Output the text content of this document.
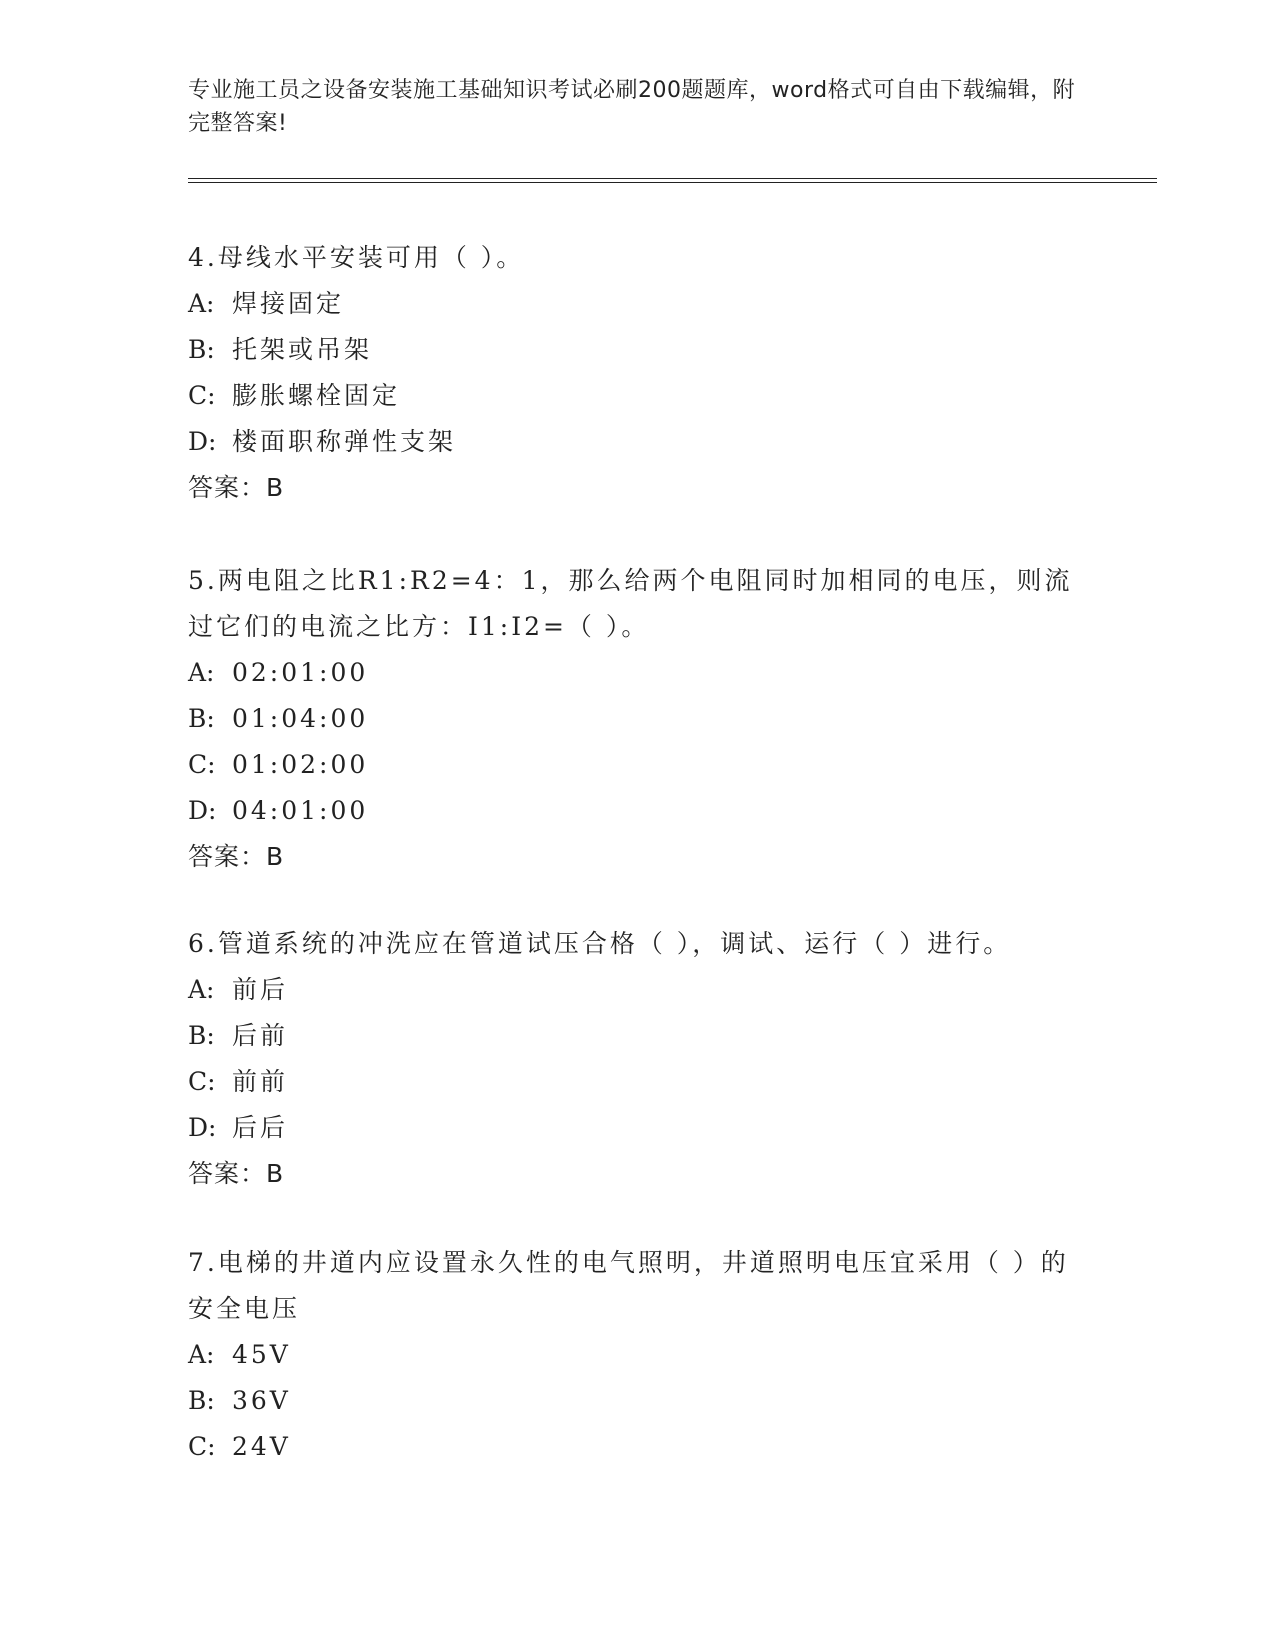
专业施工员之设备安装施工基础知识考试必刷200题题库，word格式可自由下载编辑，附完整答案!

4.母线水平安装可用（ ）。

A: 焊接固定

B: 托架或吊架

C: 膨胀螺栓固定

D: 楼面职称弹性支架

答案：B

5.两电阻之比R1:R2=4：1，那么给两个电阻同时加相同的电压，则流过它们的电流之比方：I1:I2=（ ）。

A: 02:01:00

B: 01:04:00

C: 01:02:00

D: 04:01:00

答案：B

6.管道系统的冲洗应在管道试压合格（ ），调试、运行（ ）进行。

A: 前后

B: 后前

C: 前前

D: 后后

答案：B

7.电梯的井道内应设置永久性的电气照明，井道照明电压宜采用（ ）的安全电压

A: 45V

B: 36V

C: 24V
